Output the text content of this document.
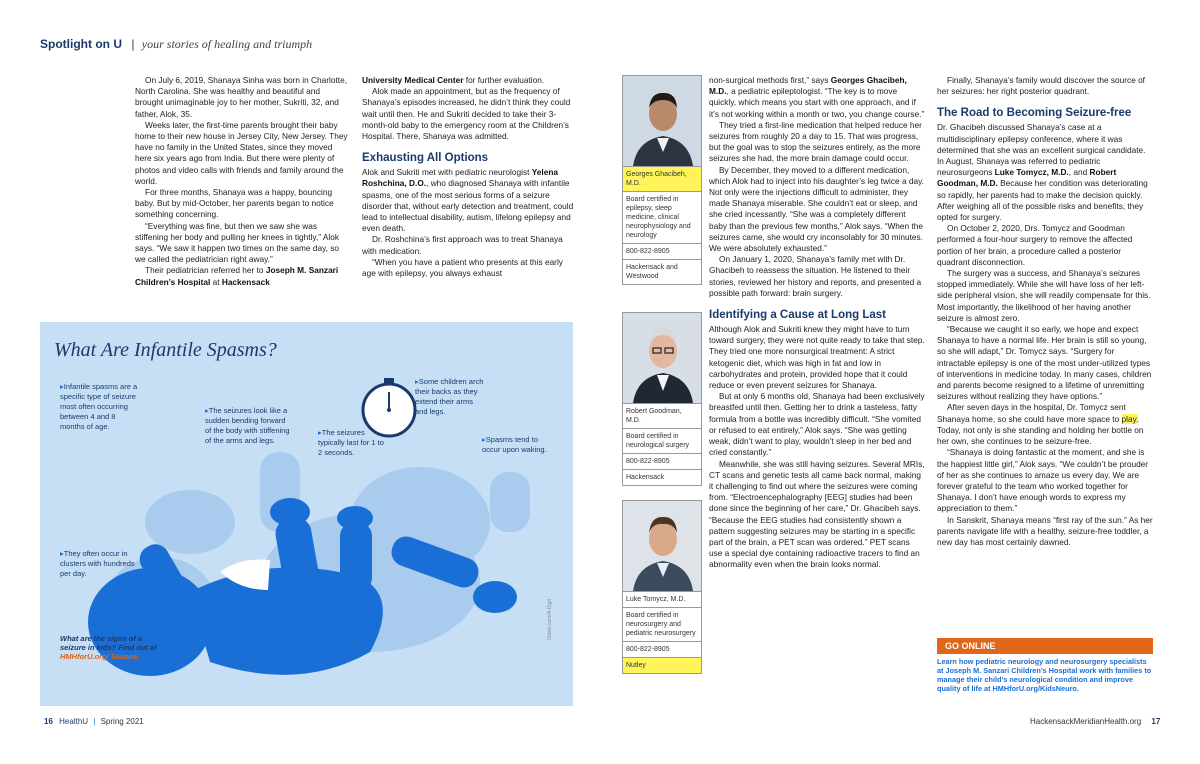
Spotlight on U | your stories of healing and triumph

On July 6, 2019, Shanaya Sinha was born in Charlotte, North Carolina. She was healthy and beautiful and brought unimaginable joy to her mother, Sukriti, 32, and father, Alok, 35.

Weeks later, the first-time parents brought their baby home to their new house in Jersey City, New Jersey. They have no family in the United States, since they moved here six years ago from India. But there were plenty of photos and video calls with friends and family around the world.

For three months, Shanaya was a happy, bouncing baby. But by mid-October, her parents began to notice something concerning.

“Everything was fine, but then we saw she was stiffening her body and pulling her knees in tightly,” Alok says. “We saw it happen two times on the same day, so we called the pediatrician right away.”

Their pediatrician referred her to Joseph M. Sanzari Children’s Hospital at Hackensack

University Medical Center for further evaluation.

Alok made an appointment, but as the frequency of Shanaya’s episodes increased, he didn’t think they could wait until then. He and Sukriti decided to take their 3-month-old baby to the emergency room at the Children’s Hospital. There, Shanaya was admitted.

Exhausting All Options

Alok and Sukriti met with pediatric neurologist Yelena Roshchina, D.O., who diagnosed Shanaya with infantile spasms, one of the most serious forms of a seizure disorder that, without early detection and treatment, could lead to intellectual disability, autism, lifelong epilepsy and even death.

Dr. Roshchina’s first approach was to treat Shanaya with medication.

“When you have a patient who presents at this early age with epilepsy, you always exhaust

Georges Ghacibeh, M.D.
Board certified in epilepsy, sleep medicine, clinical neurophysiology and neurology
800-822-8905
Hackensack and Westwood
Robert Goodman, M.D.
Board certified in neurological surgery
800-822-8905
Hackensack
Luke Tomycz, M.D.
Board certified in neurosurgery and pediatric neurosurgery
800-822-8905
Nutley

non-surgical methods first,” says Georges Ghacibeh, M.D., a pediatric epileptologist. “The key is to move quickly, which means you start with one approach, and if it’s not working within a month or two, you change course.”

They tried a first-line medication that helped reduce her seizures from roughly 20 a day to 15. That was progress, but the goal was to stop the seizures entirely, as the more seizures she had, the more brain damage could occur.

By December, they moved to a different medication, which Alok had to inject into his daughter’s leg twice a day. Not only were the injections difficult to administer, they made Shanaya miserable. She couldn’t eat or sleep, and she cried incessantly. “She was a completely different baby than the previous few months,” Alok says. “When the seizures came, she would cry inconsolably for 30 minutes. We were absolutely exhausted.”

On January 1, 2020, Shanaya’s family met with Dr. Ghacibeh to reassess the situation. He listened to their stories, reviewed her history and reports, and presented a possible path forward: brain surgery.

Identifying a Cause at Long Last

Although Alok and Sukriti knew they might have to turn toward surgery, they were not quite ready to take that step. They tried one more nonsurgical treatment: A strict ketogenic diet, which was high in fat and low in carbohydrates and protein, provided hope that it could reduce or even prevent seizures for Shanaya.

But at only 6 months old, Shanaya had been exclusively breastfed until then. Getting her to drink a tasteless, fatty formula from a bottle was incredibly difficult. “She vomited or refused to eat entirely,” Alok says. “She was getting weak, didn’t want to play, wouldn’t sleep in her bed and cried constantly.”

Meanwhile, she was still having seizures. Several MRIs, CT scans and genetic tests all came back normal, making it challenging to find out where the seizures were coming from. “Electroencephalography [EEG] studies had been done since the beginning of her care,” Dr. Ghacibeh says. “Because the EEG studies had consistently shown a pattern suggesting seizures may be starting in a specific part of the brain, a PET scan was ordered.” PET scans use a special dye containing radioactive tracers to find an abnormality even when the brain looks normal.

Finally, Shanaya’s family would discover the source of her seizures: her right posterior quadrant.

The Road to Becoming Seizure-free

Dr. Ghacibeh discussed Shanaya’s case at a multidisciplinary epilepsy conference, where it was determined that she was an excellent surgical candidate. In August, Shanaya was referred to pediatric neurosurgeons Luke Tomycz, M.D., and Robert Goodman, M.D. Because her condition was deteriorating so rapidly, her parents had to make the decision quickly. After weighing all of the possible risks and benefits, they opted for surgery.

On October 2, 2020, Drs. Tomycz and Goodman performed a four-hour surgery to remove the affected portion of her brain, a procedure called a posterior quadrant disconnection.

The surgery was a success, and Shanaya’s seizures stopped immediately. While she will have loss of her left-side peripheral vision, she will readily compensate for this. Most importantly, the likelihood of her having another seizure is almost zero.

“Because we caught it so early, we hope and expect Shanaya to have a normal life. Her brain is still so young, so she will adapt,” Dr. Tomycz says. “Surgery for intractable epilepsy is one of the most under-utilized types of interventions in medicine today. In many cases, children and parents become resigned to a lifetime of unremitting seizures without realizing they have options.”

After seven days in the hospital, Dr. Tomycz sent Shanaya home, so she could have more space to play. Today, not only is she standing and holding her bottle on her own, she continues to be seizure-free.

“Shanaya is doing fantastic at the moment, and she is the happiest little girl,” Alok says. “We couldn’t be prouder of her as she continues to amaze us every day. We are forever grateful to the team who worked together for Shanaya. I don’t have enough words to express my appreciation to them.”

In Sanskrit, Shanaya means “first ray of the sun.” As her parents navigate life with a healthy, seizure-free toddler, a new day has most certainly dawned.

What Are Infantile Spasms?
▸Infantile spasms are a specific type of seizure most often occurring between 4 and 8 months of age.
▸The seizures look like a sudden bending forward of the body with stiffening of the arms and legs.
▸The seizures typically last for 1 to 2 seconds.
▸Some children arch their backs as they extend their arms and legs.
▸Spasms tend to occur upon waking.
▸They often occur in clusters with hundreds per day.
What are the signs of a seizure in kids? Find out at HMHforU.org/ Seizure.
iStock.com/A-Digit
GO ONLINE
Learn how pediatric neurology and neurosurgery specialists at Joseph M. Sanzari Children’s Hospital work with families to manage their child’s neurological condition and improve quality of life at HMHforU.org/KidsNeuro.
16 HealthU | Spring 2021	HackensackMeridianHealth.org 17
